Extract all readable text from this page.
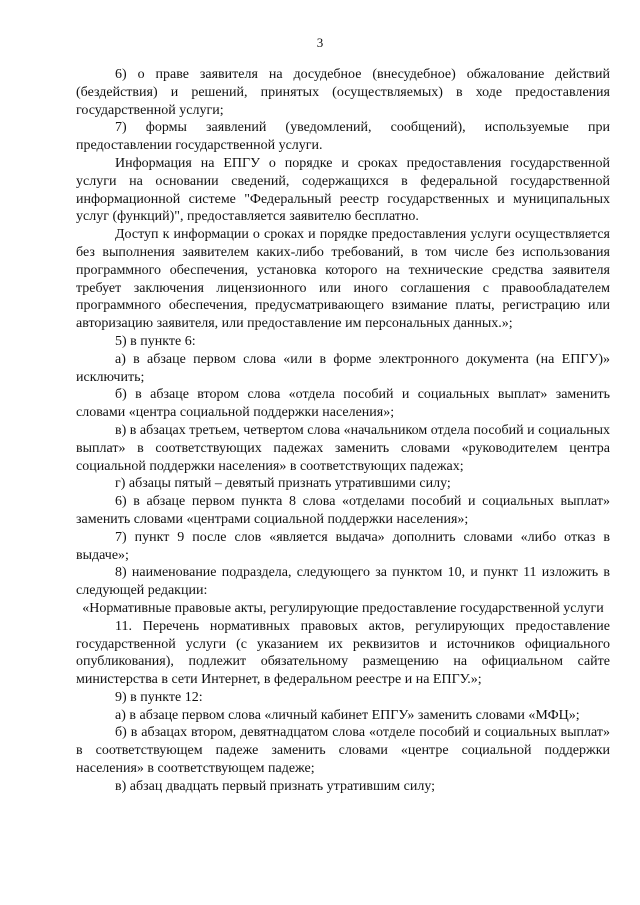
3

6) о праве заявителя на досудебное (внесудебное) обжалование действий (бездействия) и решений, принятых (осуществляемых) в ходе предоставления государственной услуги;

7) формы заявлений (уведомлений, сообщений), используемые при предоставлении государственной услуги.

Информация на ЕПГУ о порядке и сроках предоставления государственной услуги на основании сведений, содержащихся в федеральной государственной информационной системе "Федеральный реестр государственных и муниципальных услуг (функций)", предоставляется заявителю бесплатно.

Доступ к информации о сроках и порядке предоставления услуги осуществляется без выполнения заявителем каких-либо требований, в том числе без использования программного обеспечения, установка которого на технические средства заявителя требует заключения лицензионного или иного соглашения с правообладателем программного обеспечения, предусматривающего взимание платы, регистрацию или авторизацию заявителя, или предоставление им персональных данных.»;

5) в пункте 6:

а) в абзаце первом слова «или в форме электронного документа (на ЕПГУ)» исключить;

б) в абзаце втором слова «отдела пособий и социальных выплат» заменить словами «центра социальной поддержки населения»;

в) в абзацах третьем, четвертом слова «начальником отдела пособий и социальных выплат» в соответствующих падежах заменить словами «руководителем центра социальной поддержки населения» в соответствующих падежах;

г) абзацы пятый – девятый признать утратившими силу;

6) в абзаце первом пункта 8 слова «отделами пособий и социальных выплат» заменить словами «центрами социальной поддержки населения»;

7) пункт 9 после слов «является выдача» дополнить словами «либо отказ в выдаче»;

8) наименование подраздела, следующего за пунктом 10, и пункт 11 изложить в следующей редакции:

«Нормативные правовые акты, регулирующие предоставление государственной услуги

11. Перечень нормативных правовых актов, регулирующих предоставление государственной услуги (с указанием их реквизитов и источников официального опубликования), подлежит обязательному размещению на официальном сайте министерства в сети Интернет, в федеральном реестре и на ЕПГУ.»;

9) в пункте 12:

а) в абзаце первом слова «личный кабинет ЕПГУ» заменить словами «МФЦ»;

б) в абзацах втором, девятнадцатом слова «отделе пособий и социальных выплат» в соответствующем падеже заменить словами «центре социальной поддержки населения» в соответствующем падеже;

в) абзац двадцать первый признать утратившим силу;
